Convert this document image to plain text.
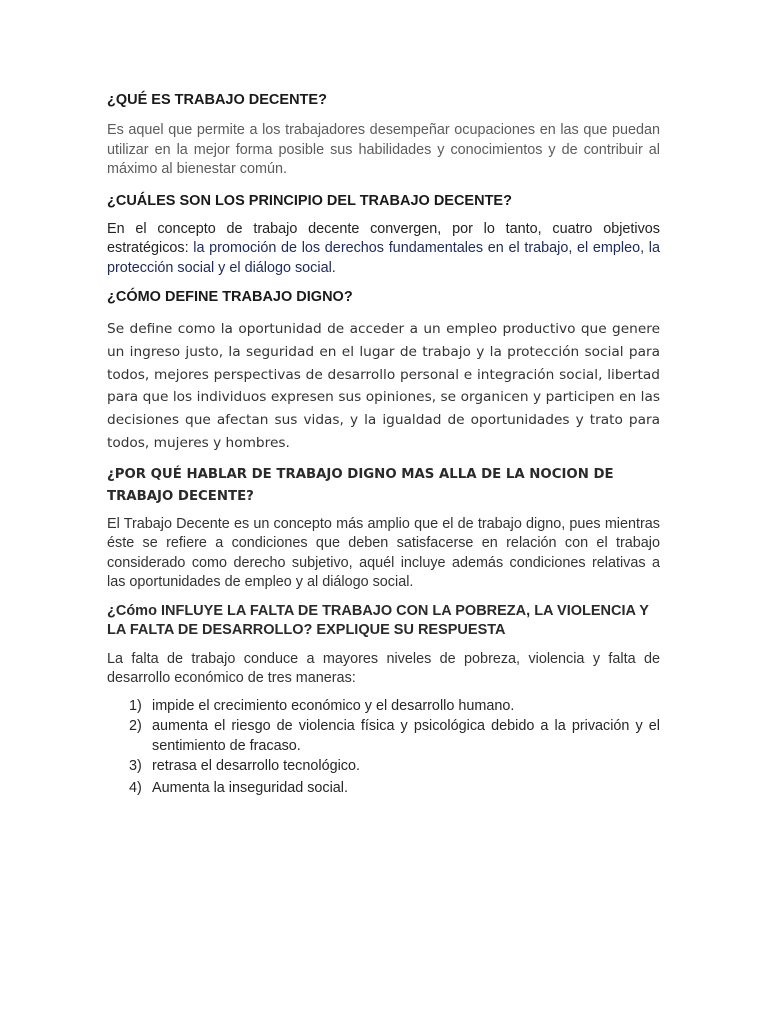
¿QUÉ ES TRABAJO DECENTE?

Es aquel que permite a los trabajadores desempeñar ocupaciones en las que puedan utilizar en la mejor forma posible sus habilidades y conocimientos y de contribuir al máximo al bienestar común.

¿CUÁLES SON LOS PRINCIPIO DEL TRABAJO DECENTE?

En el concepto de trabajo decente convergen, por lo tanto, cuatro objetivos estratégicos: la promoción de los derechos fundamentales en el trabajo, el empleo, la protección social y el diálogo social.

¿CÓMO DEFINE TRABAJO DIGNO?

Se define como la oportunidad de acceder a un empleo productivo que genere un ingreso justo, la seguridad en el lugar de trabajo y la protección social para todos, mejores perspectivas de desarrollo personal e integración social, libertad para que los individuos expresen sus opiniones, se organicen y participen en las decisiones que afectan sus vidas, y la igualdad de oportunidades y trato para todos, mujeres y hombres.

¿POR QUÉ HABLAR DE TRABAJO DIGNO MAS ALLA DE LA NOCION DE TRABAJO DECENTE?

El Trabajo Decente es un concepto más amplio que el de trabajo digno, pues mientras éste se refiere a condiciones que deben satisfacerse en relación con el trabajo considerado como derecho subjetivo, aquél incluye además condiciones relativas a las oportunidades de empleo y al diálogo social.

¿Cómo INFLUYE LA FALTA DE TRABAJO CON LA POBREZA, LA VIOLENCIA Y LA FALTA DE DESARROLLO? EXPLIQUE SU RESPUESTA

La falta de trabajo conduce a mayores niveles de pobreza, violencia y falta de desarrollo económico de tres maneras:

1) impide el crecimiento económico y el desarrollo humano.
2) aumenta el riesgo de violencia física y psicológica debido a la privación y el sentimiento de fracaso.
3) retrasa el desarrollo tecnológico.
4) Aumenta la inseguridad social.
